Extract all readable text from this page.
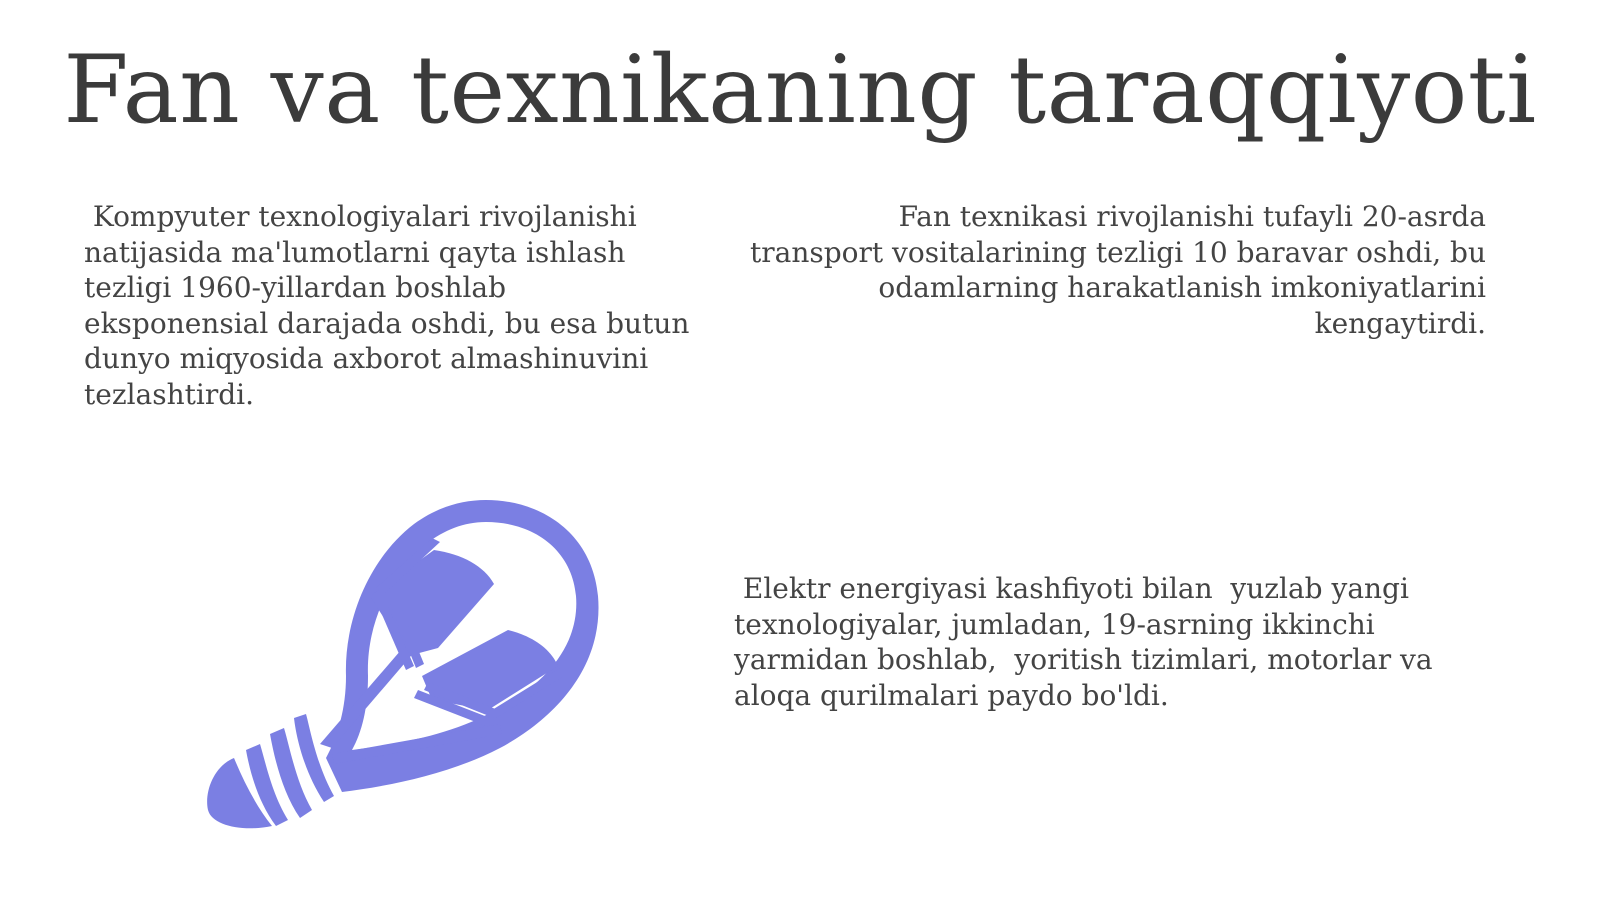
Fan va texnikaning taraqqiyoti
Kompyuter texnologiyalari rivojlanishi
natijasida ma'lumotlarni qayta ishlash
tezligi 1960-yillardan boshlab
eksponensial darajada oshdi, bu esa butun
dunyo miqyosida axborot almashinuvini
tezlashtirdi.
Fan texnikasi rivojlanishi tufayli 20-asrda
transport vositalarining tezligi 10 baravar oshdi, bu
odamlarning harakatlanish imkoniyatlarini
kengaytirdi.
Elektr energiyasi kashfiyoti bilan  yuzlab yangi
texnologiyalar, jumladan, 19-asrning ikkinchi
yarmidan boshlab,  yoritish tizimlari, motorlar va
aloqa qurilmalari paydo bo'ldi.
